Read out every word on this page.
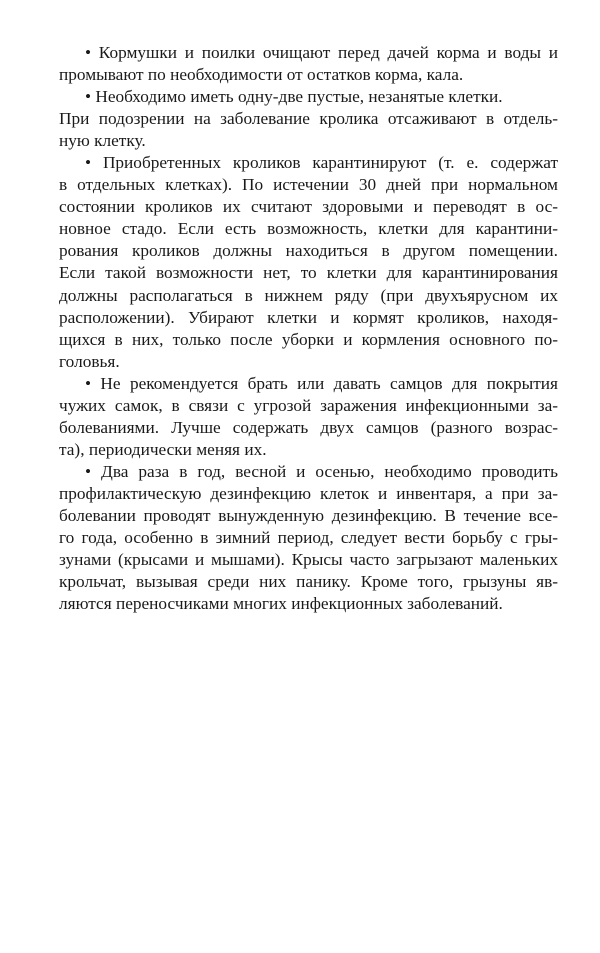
• Кормушки и поилки очищают перед дачей корма и воды и
промывают по необходимости от остатков корма, кала.
• Необходимо иметь одну-две пустые, незанятые клетки.
При подозрении на заболевание кролика отсаживают в отдель-
ную клетку.
• Приобретенных кроликов карантинируют (т. е. содержат
в отдельных клетках). По истечении 30 дней при нормальном
состоянии кроликов их считают здоровыми и переводят в ос-
новное стадо. Если есть возможность, клетки для карантини-
рования кроликов должны находиться в другом помещении.
Если такой возможности нет, то клетки для карантинирования
должны располагаться в нижнем ряду (при двухъярусном их
расположении). Убирают клетки и кормят кроликов, находя-
щихся в них, только после уборки и кормления основного по-
головья.
• Не рекомендуется брать или давать самцов для покрытия
чужих самок, в связи с угрозой заражения инфекционными за-
болеваниями. Лучше содержать двух самцов (разного возрас-
та), периодически меняя их.
• Два раза в год, весной и осенью, необходимо проводить
профилактическую дезинфекцию клеток и инвентаря, а при за-
болевании проводят вынужденную дезинфекцию. В течение все-
го года, особенно в зимний период, следует вести борьбу с гры-
зунами (крысами и мышами). Крысы часто загрызают маленьких
крольчат, вызывая среди них панику. Кроме того, грызуны яв-
ляются переносчиками многих инфекционных заболеваний.
